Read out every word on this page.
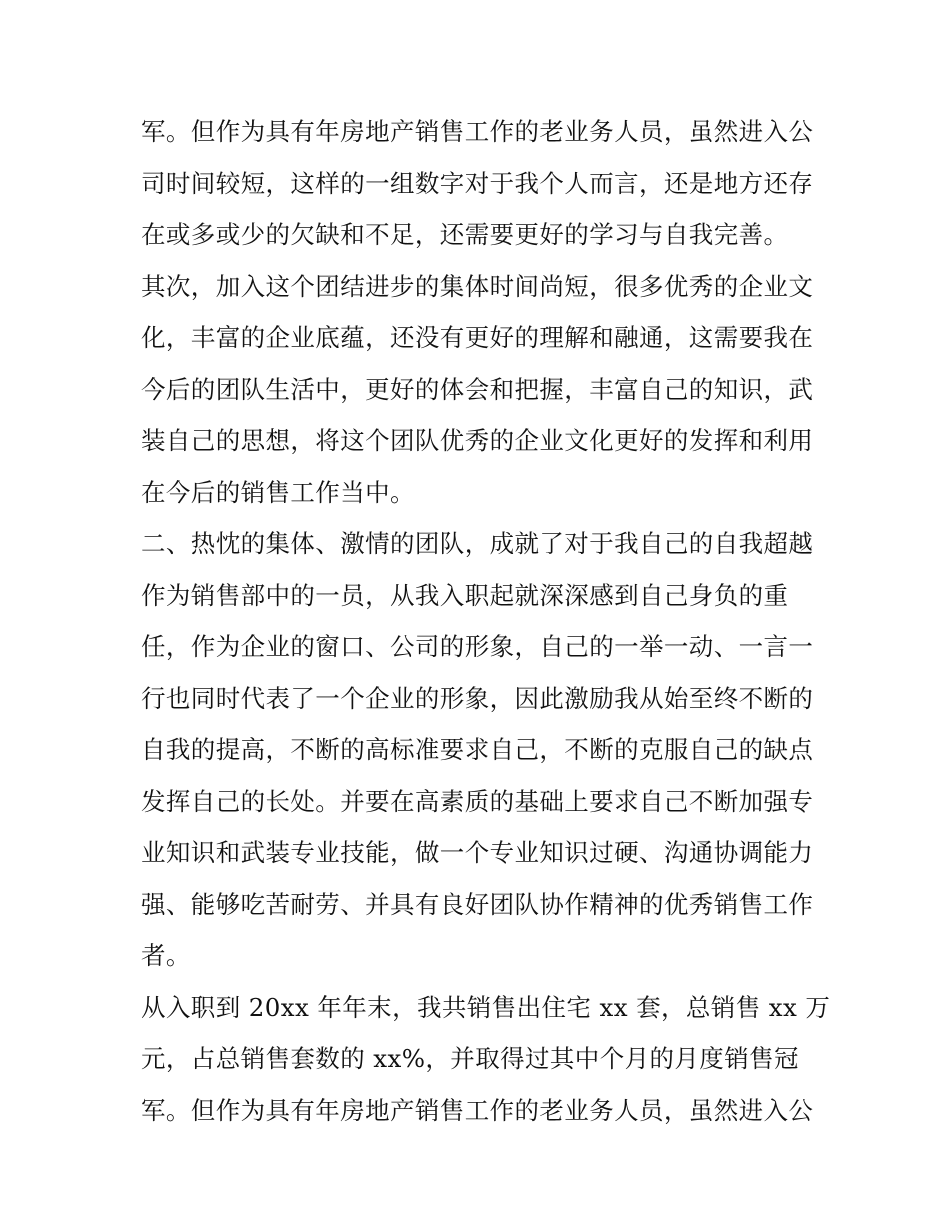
军。但作为具有年房地产销售工作的老业务人员，虽然进入公
司时间较短，这样的一组数字对于我个人而言，还是地方还存
在或多或少的欠缺和不足，还需要更好的学习与自我完善。
其次，加入这个团结进步的集体时间尚短，很多优秀的企业文
化，丰富的企业底蕴，还没有更好的理解和融通，这需要我在
今后的团队生活中，更好的体会和把握，丰富自己的知识，武
装自己的思想，将这个团队优秀的企业文化更好的发挥和利用
在今后的销售工作当中。
二、热忱的集体、激情的团队，成就了对于我自己的自我超越
作为销售部中的一员，从我入职起就深深感到自己身负的重
任，作为企业的窗口、公司的形象，自己的一举一动、一言一
行也同时代表了一个企业的形象，因此激励我从始至终不断的
自我的提高，不断的高标准要求自己，不断的克服自己的缺点
发挥自己的长处。并要在高素质的基础上要求自己不断加强专
业知识和武装专业技能，做一个专业知识过硬、沟通协调能力
强、能够吃苦耐劳、并具有良好团队协作精神的优秀销售工作
者。
从入职到 20xx 年年末，我共销售出住宅 xx 套，总销售 xx 万
元，占总销售套数的 xx%，并取得过其中个月的月度销售冠
军。但作为具有年房地产销售工作的老业务人员，虽然进入公
